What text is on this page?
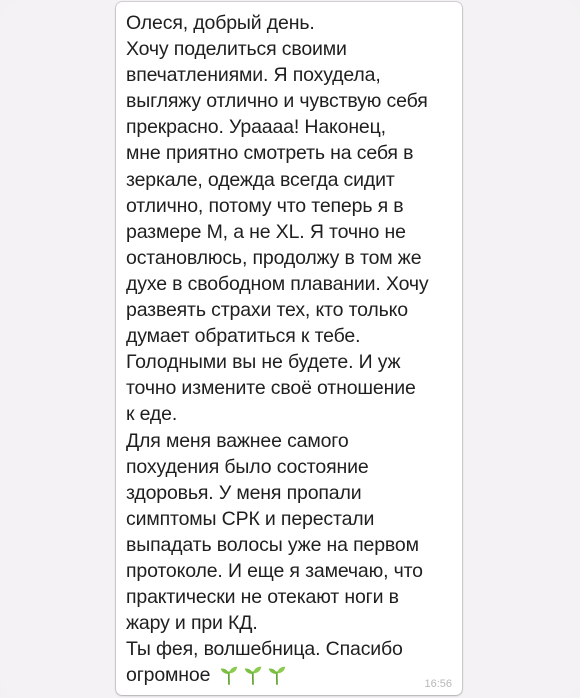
Олеся, добрый день.
Хочу поделиться своими
впечатлениями. Я похудела,
выгляжу отлично и чувствую себя
прекрасно. Ураааа! Наконец,
мне приятно смотреть на себя в
зеркале, одежда всегда сидит
отлично, потому что теперь я в
размере М, а не XL. Я точно не
остановлюсь, продолжу в том же
духе в свободном плавании. Хочу
развеять страхи тех, кто только
думает обратиться к тебе.
Голодными вы не будете. И уж
точно измените своё отношение
к еде.
Для меня важнее самого
похудения было состояние
здоровья. У меня пропали
симптомы СРК и перестали
выпадать волосы уже на первом
протоколе. И еще я замечаю, что
практически не отекают ноги в
жару и при КД.
Ты фея, волшебница. Спасибо
огромное	16:56
